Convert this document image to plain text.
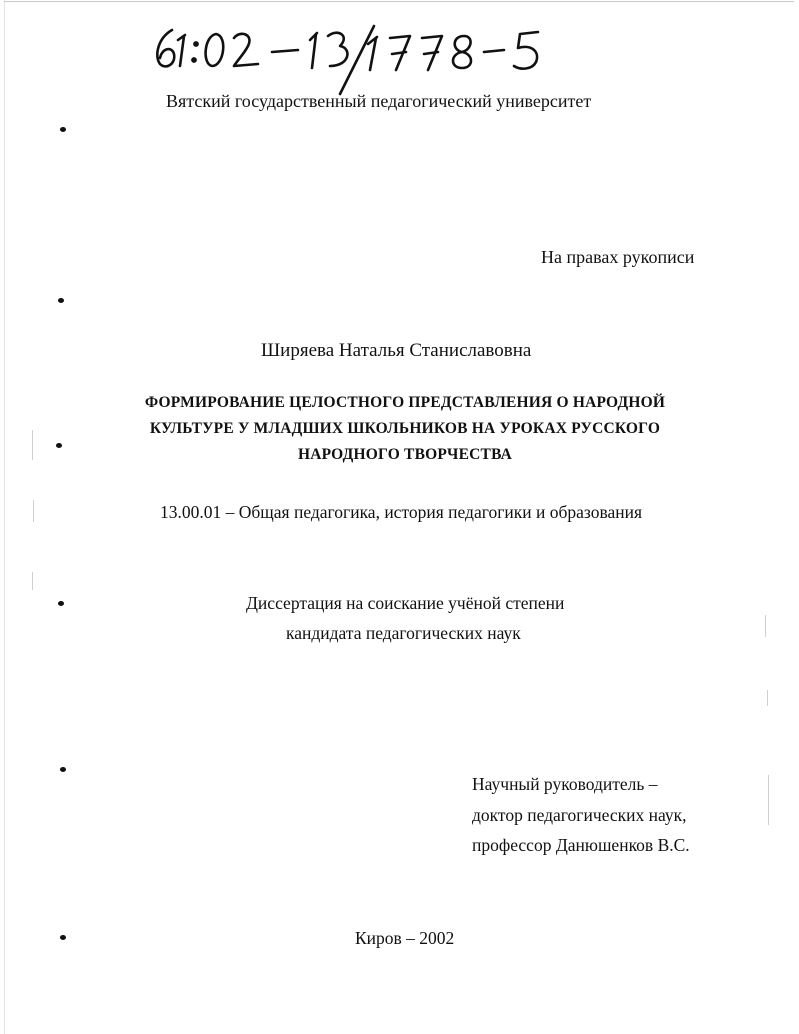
Вятский государственный педагогический университет
На правах рукописи
Ширяева Наталья Станиславовна
ФОРМИРОВАНИЕ ЦЕЛОСТНОГО ПРЕДСТАВЛЕНИЯ О НАРОДНОЙ
КУЛЬТУРЕ У МЛАДШИХ ШКОЛЬНИКОВ НА УРОКАХ РУССКОГО
НАРОДНОГО ТВОРЧЕСТВА
13.00.01 – Общая педагогика, история педагогики и образования
Диссертация на соискание учёной степени
кандидата педагогических наук
Научный руководитель –
доктор педагогических наук,
профессор Данюшенков В.С.
Киров – 2002
